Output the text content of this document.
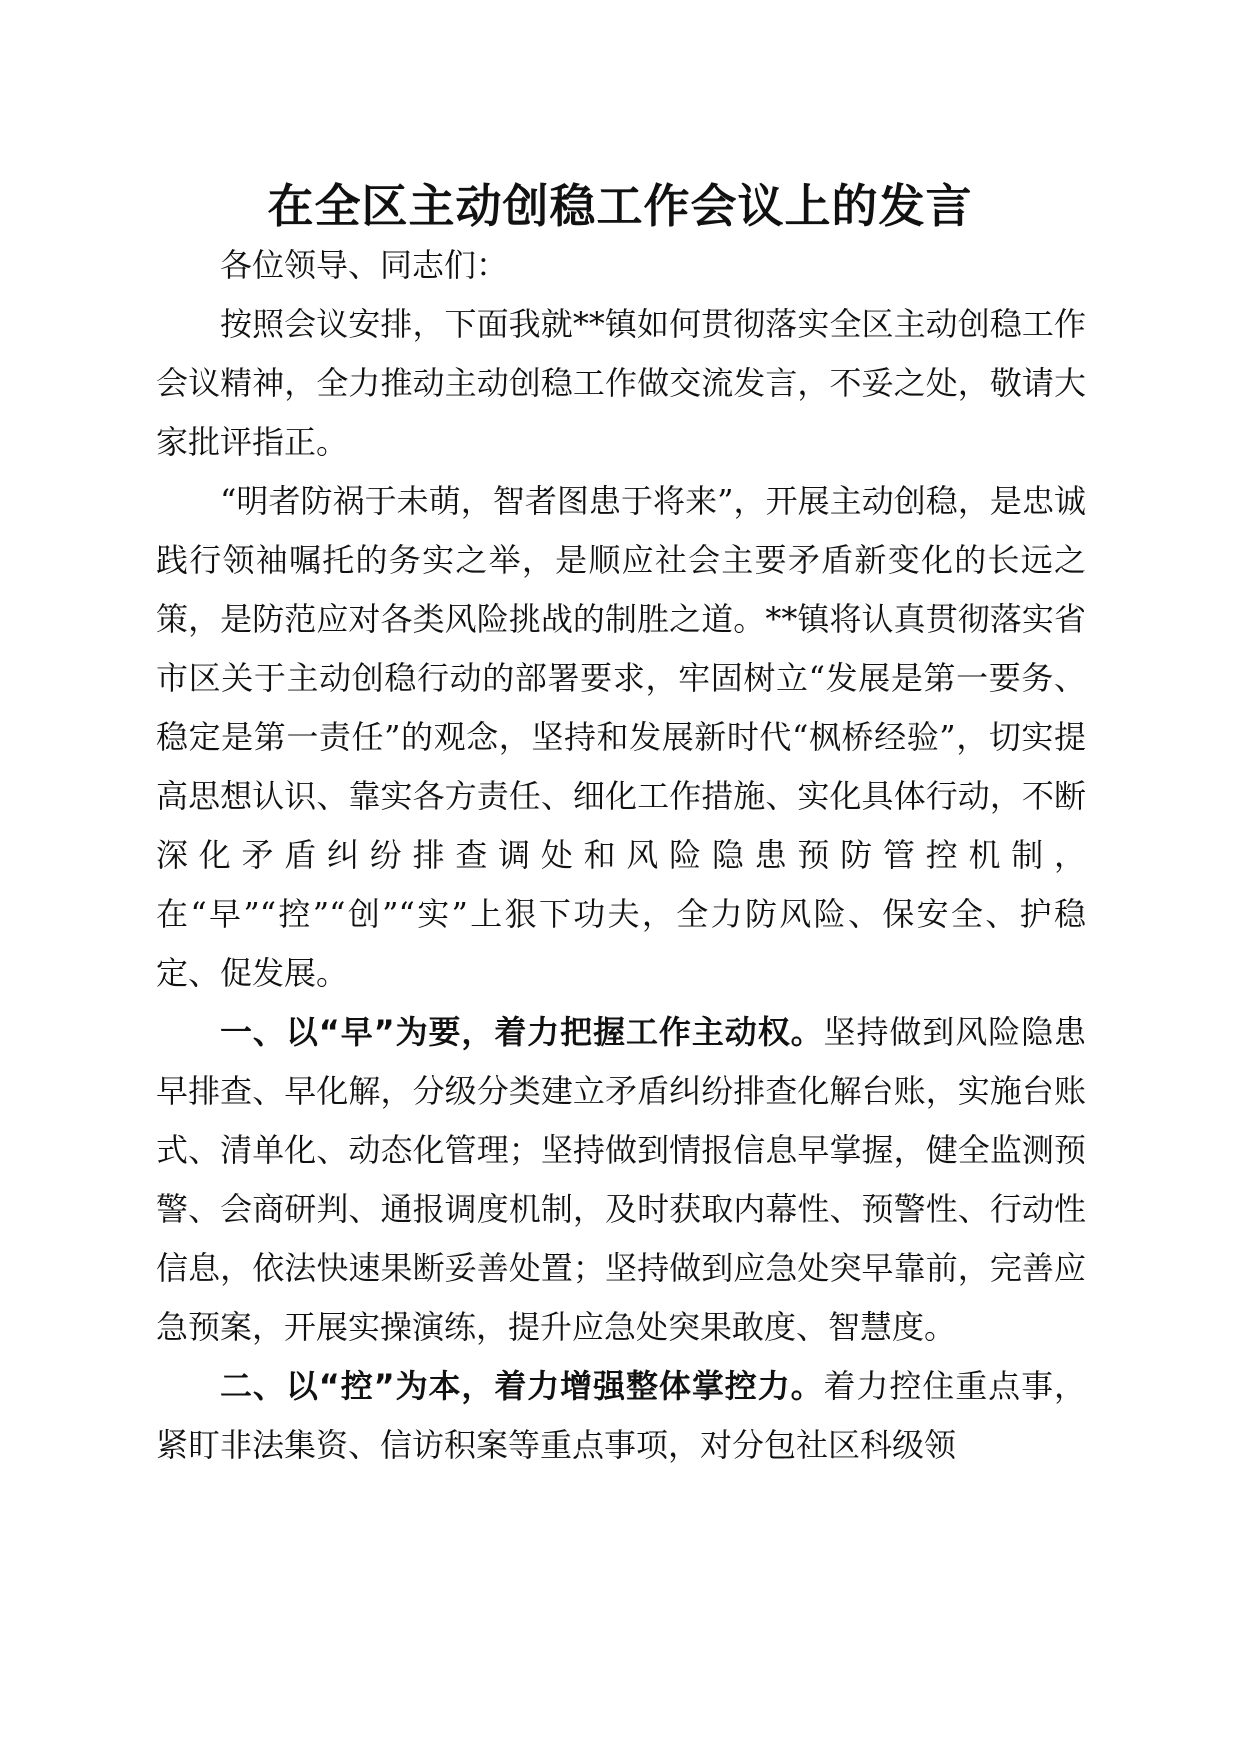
在全区主动创稳工作会议上的发言

各位领导、同志们：

按照会议安排，下面我就**镇如何贯彻落实全区主动创稳工作会议精神，全力推动主动创稳工作做交流发言，不妥之处，敬请大家批评指正。

“明者防祸于未萌，智者图患于将来”，开展主动创稳，是忠诚践行领袖嘱托的务实之举，是顺应社会主要矛盾新变化的长远之策，是防范应对各类风险挑战的制胜之道。**镇将认真贯彻落实省市区关于主动创稳行动的部署要求，牢固树立“发展是第一要务、稳定是第一责任”的观念，坚持和发展新时代“枫桥经验”，切实提高思想认识、靠实各方责任、细化工作措施、实化具体行动，不断深化矛盾纠纷排查调处和风险隐患预防管控机制，在“早”“控”“创”“实”上狠下功夫，全力防风险、保安全、护稳定、促发展。

一、以“早”为要，着力把握工作主动权。坚持做到风险隐患早排查、早化解，分级分类建立矛盾纠纷排查化解台账，实施台账式、清单化、动态化管理；坚持做到情报信息早掌握，健全监测预警、会商研判、通报调度机制，及时获取内幕性、预警性、行动性信息，依法快速果断妥善处置；坚持做到应急处突早靠前，完善应急预案，开展实操演练，提升应急处突果敢度、智慧度。

二、以“控”为本，着力增强整体掌控力。着力控住重点事，紧盯非法集资、信访积案等重点事项，对分包社区科级领
